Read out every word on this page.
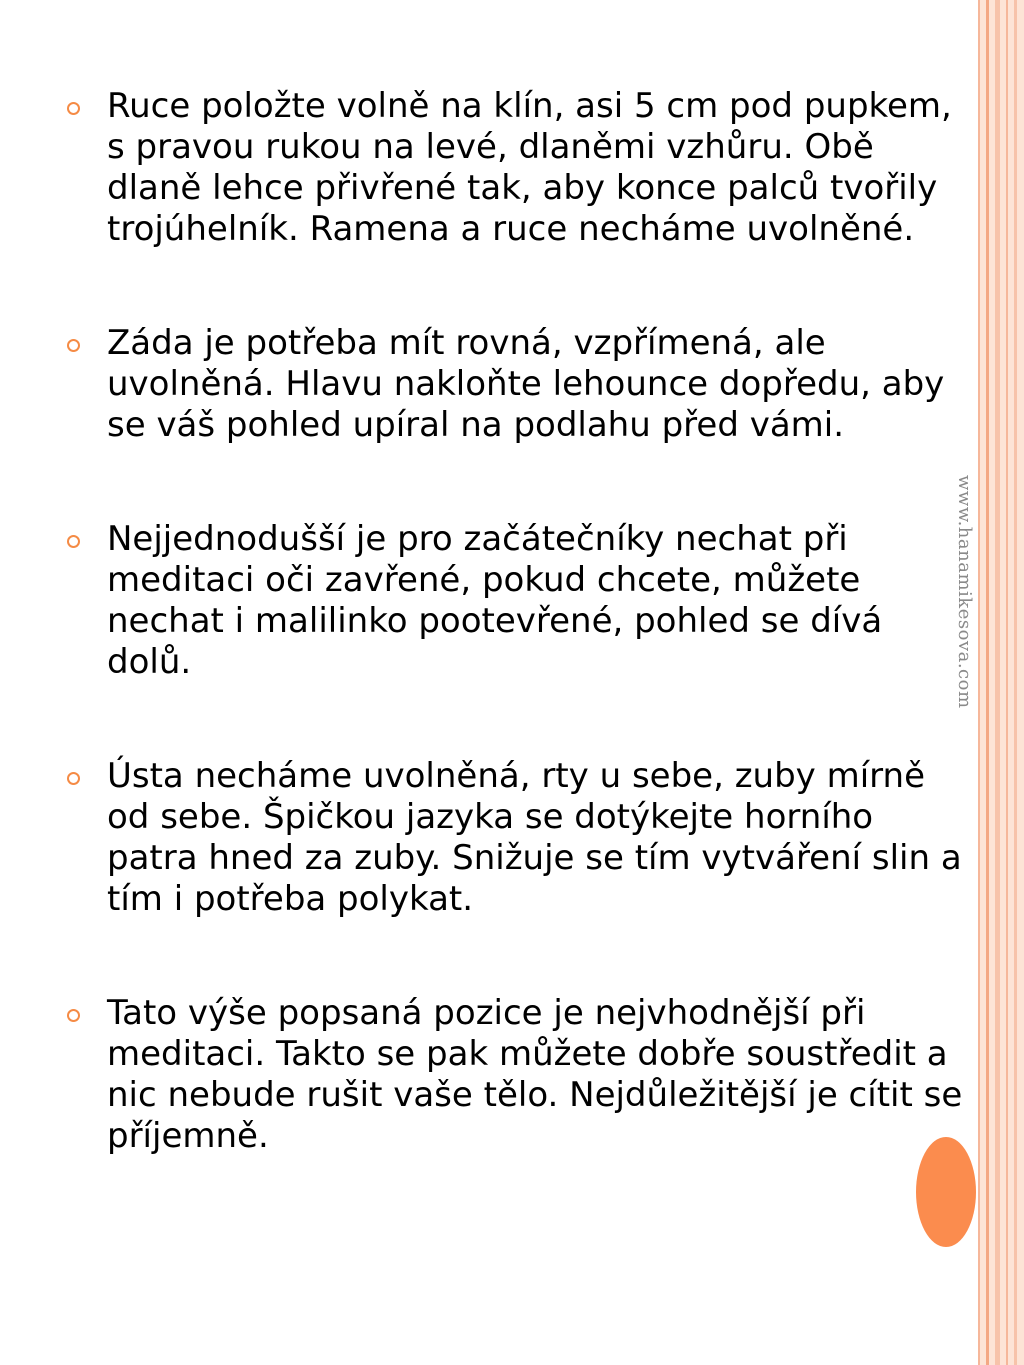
www.hanamikesova.com
Ruce položte volně na klín, asi 5 cm pod pupkem, s pravou rukou na levé, dlaněmi vzhůru. Obě dlaně lehce přivřené tak, aby konce palců tvořily trojúhelník. Ramena a ruce necháme uvolněné.
Záda je potřeba mít rovná, vzpřímená, ale uvolněná. Hlavu nakloňte lehounce dopředu, aby se váš pohled upíral na podlahu před vámi.
Nejjednodušší je pro začátečníky nechat při meditaci oči zavřené, pokud chcete, můžete nechat i malilinko pootevřené, pohled se dívá dolů.
Ústa necháme uvolněná, rty u sebe, zuby mírně od sebe. Špičkou jazyka se dotýkejte horního patra hned za zuby. Snižuje se tím vytváření slin a tím i potřeba polykat.
Tato výše popsaná pozice je nejvhodnější při meditaci. Takto se pak můžete dobře soustředit a nic nebude rušit vaše tělo. Nejdůležitější je cítit se příjemně.
